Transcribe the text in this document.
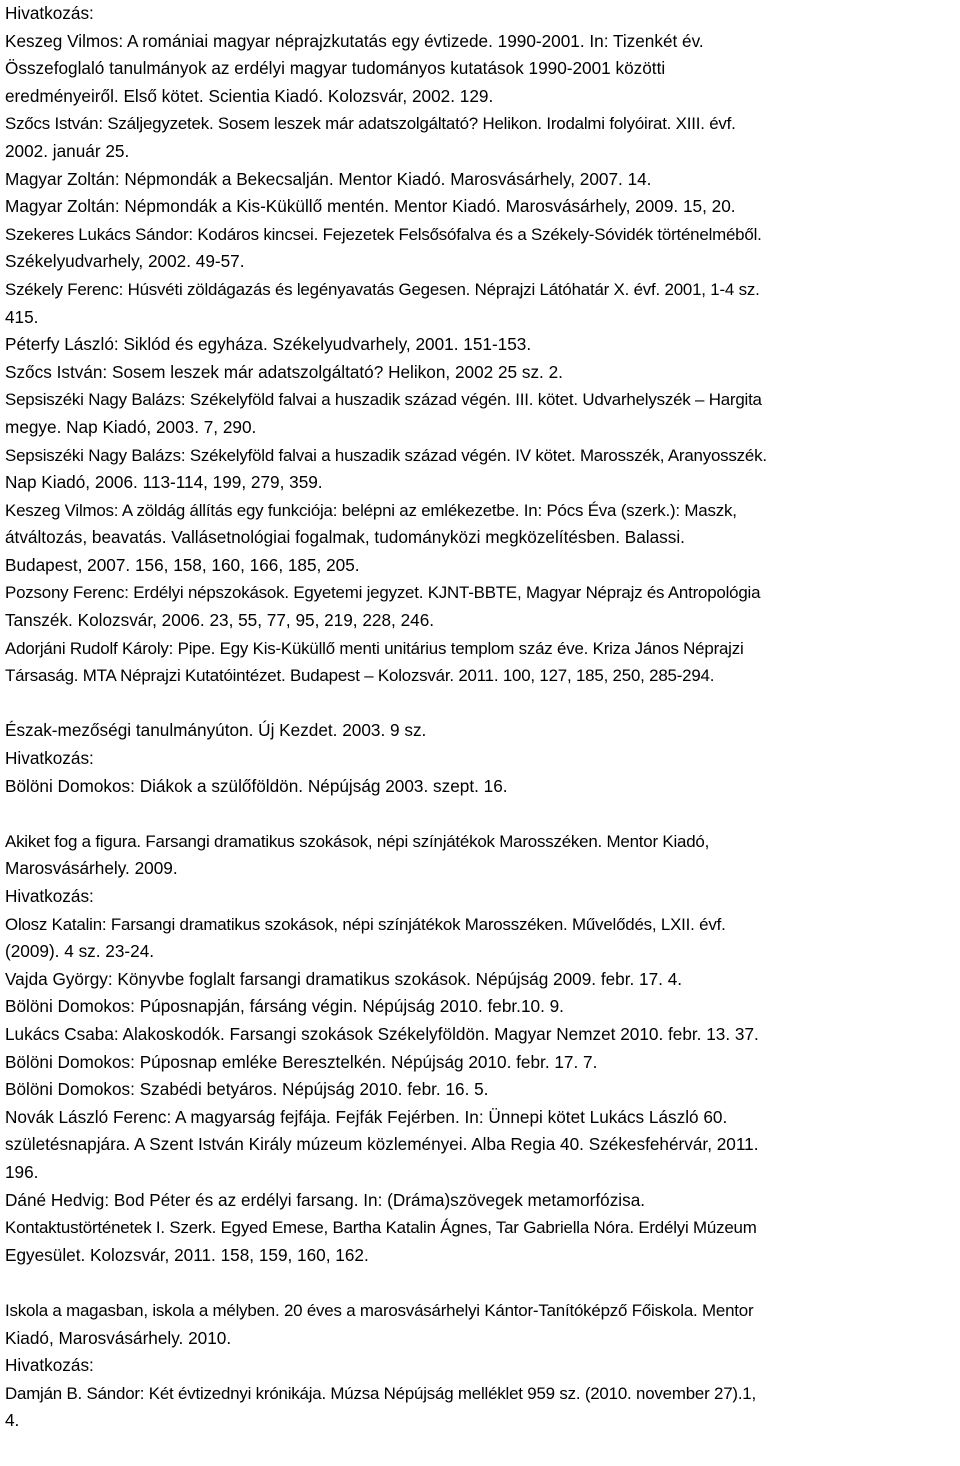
Hivatkozás:

Keszeg Vilmos: A romániai magyar néprajzkutatás egy évtizede. 1990-2001. In: Tizenkét év.

Összefoglaló tanulmányok az erdélyi magyar tudományos kutatások 1990-2001 közötti

eredményeiről. Első kötet. Scientia Kiadó. Kolozsvár, 2002. 129.

Szőcs István: Száljegyzetek. Sosem leszek már adatszolgáltató? Helikon. Irodalmi folyóirat. XIII. évf.

2002. január 25.

Magyar Zoltán: Népmondák a Bekecsalján. Mentor Kiadó. Marosvásárhely, 2007. 14.

Magyar Zoltán: Népmondák a Kis-Küküllő mentén. Mentor Kiadó. Marosvásárhely, 2009. 15, 20.

Szekeres Lukács Sándor: Kodáros kincsei. Fejezetek Felsősófalva és a Székely-Sóvidék történelméből.

Székelyudvarhely, 2002. 49-57.

Székely Ferenc: Húsvéti zöldágazás és legényavatás Gegesen. Néprajzi Látóhatár X. évf. 2001, 1-4 sz.

415.

Péterfy László: Siklód és egyháza. Székelyudvarhely, 2001. 151-153.

Szőcs István: Sosem leszek már adatszolgáltató? Helikon, 2002 25 sz. 2.

Sepsiszéki Nagy Balázs: Székelyföld falvai a huszadik század végén. III. kötet. Udvarhelyszék – Hargita

megye. Nap Kiadó, 2003. 7, 290.

Sepsiszéki Nagy Balázs: Székelyföld falvai a huszadik század végén. IV kötet. Marosszék, Aranyosszék.

Nap Kiadó, 2006. 113-114, 199, 279, 359.

Keszeg Vilmos: A zöldág állítás egy funkciója: belépni az emlékezetbe. In: Pócs Éva (szerk.): Maszk,

átváltozás, beavatás. Vallásetnológiai fogalmak, tudományközi megközelítésben. Balassi.

Budapest, 2007. 156, 158, 160, 166, 185, 205.

Pozsony Ferenc: Erdélyi népszokások. Egyetemi jegyzet. KJNT-BBTE, Magyar Néprajz és Antropológia

Tanszék. Kolozsvár, 2006. 23, 55, 77, 95, 219, 228, 246.

Adorjáni Rudolf Károly: Pipe. Egy Kis-Küküllő menti unitárius templom száz éve. Kriza János Néprajzi

Társaság. MTA Néprajzi Kutatóintézet. Budapest – Kolozsvár. 2011. 100, 127, 185, 250, 285-294.

Észak-mezőségi tanulmányúton. Új Kezdet. 2003. 9 sz.

Hivatkozás:

Bölöni Domokos: Diákok a szülőföldön. Népújság 2003. szept. 16.

Akiket fog a figura. Farsangi dramatikus szokások, népi színjátékok Marosszéken. Mentor Kiadó,

Marosvásárhely. 2009.

Hivatkozás:

Olosz Katalin: Farsangi dramatikus szokások, népi színjátékok Marosszéken. Művelődés, LXII. évf.

(2009). 4 sz. 23-24.

Vajda György: Könyvbe foglalt farsangi dramatikus szokások. Népújság 2009. febr. 17. 4.

Bölöni Domokos: Púposnapján, fársáng végin. Népújság 2010. febr.10. 9.

Lukács Csaba: Alakoskodók. Farsangi szokások Székelyföldön. Magyar Nemzet 2010. febr. 13. 37.

Bölöni Domokos: Púposnap emléke Beresztelkén. Népújság 2010. febr. 17. 7.

Bölöni Domokos: Szabédi betyáros. Népújság 2010. febr. 16. 5.

Novák László Ferenc: A magyarság fejfája. Fejfák Fejérben. In: Ünnepi kötet Lukács László 60.

születésnapjára. A Szent István Király múzeum közleményei. Alba Regia 40. Székesfehérvár, 2011.

196.

Dáné Hedvig: Bod Péter és az erdélyi farsang. In: (Dráma)szövegek metamorfózisa.

Kontaktustörténetek I. Szerk. Egyed Emese, Bartha Katalin Ágnes, Tar Gabriella Nóra. Erdélyi Múzeum

Egyesület. Kolozsvár, 2011. 158, 159, 160, 162.

Iskola a magasban, iskola a mélyben. 20 éves a marosvásárhelyi Kántor-Tanítóképző Főiskola. Mentor

Kiadó, Marosvásárhely. 2010.

Hivatkozás:

Damján B. Sándor: Két évtizednyi krónikája. Múzsa Népújság melléklet 959 sz. (2010. november 27).1,

4.
